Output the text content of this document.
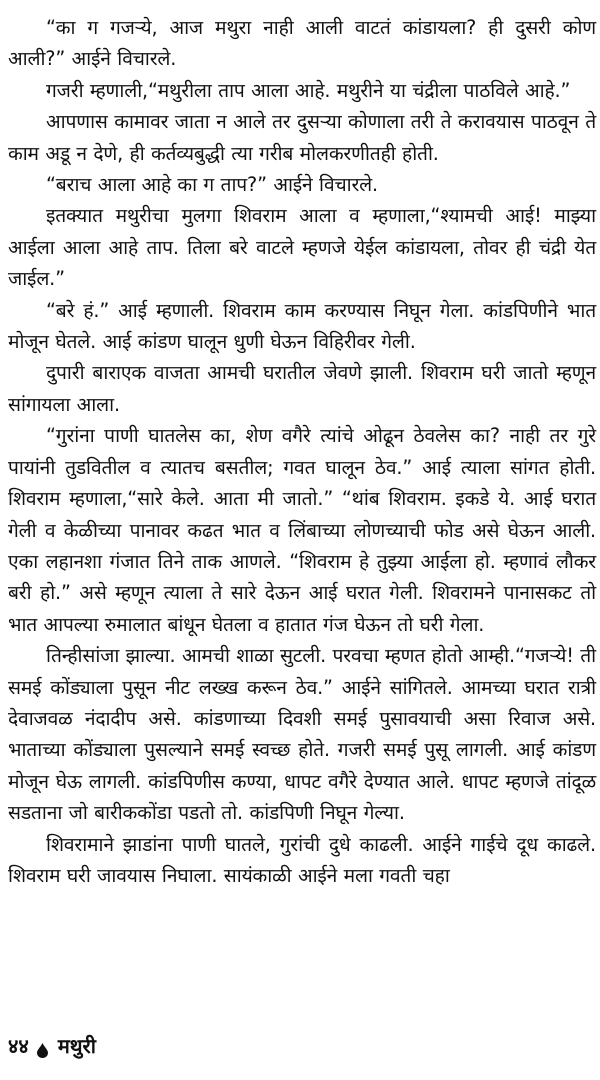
“का ग गजऱ्ये, आज मथुरा नाही आली वाटतं कांडायला? ही दुसरी कोण आली?” आईने विचारले.

गजरी म्हणाली,“मथुरीला ताप आला आहे. मथुरीने या चंद्रीला पाठविले आहे.”

आपणास कामावर जाता न आले तर दुसऱ्या कोणाला तरी ते करावयास पाठवून ते काम अडू न देणे, ही कर्तव्यबुद्धी त्या गरीब मोलकरणीतही होती.

“बराच आला आहे का ग ताप?” आईने विचारले.

इतक्यात मथुरीचा मुलगा शिवराम आला व म्हणाला,“श्यामची आई! माझ्या आईला आला आहे ताप. तिला बरे वाटले म्हणजे येईल कांडायला, तोवर ही चंद्री येत जाईल.”

“बरे हं.” आई म्हणाली. शिवराम काम करण्यास निघून गेला. कांडपिणीने भात मोजून घेतले. आई कांडण घालून धुणी घेऊन विहिरीवर गेली.

दुपारी बाराएक वाजता आमची घरातील जेवणे झाली. शिवराम घरी जातो म्हणून सांगायला आला.

“गुरांना पाणी घातलेस का, शेण वगैरे त्यांचे ओढून ठेवलेस का? नाही तर गुरे पायांनी तुडवितील व त्यातच बसतील; गवत घालून ठेव.” आई त्याला सांगत होती. शिवराम म्हणाला,“सारे केले. आता मी जातो.” “थांब शिवराम. इकडे ये. आई घरात गेली व केळीच्या पानावर कढत भात व लिंबाच्या लोणच्याची फोड असे घेऊन आली. एका लहानशा गंजात तिने ताक आणले. “शिवराम हे तुझ्या आईला हो. म्हणावं लौकर बरी हो.” असे म्हणून त्याला ते सारे देऊन आई घरात गेली. शिवरामने पानासकट तो भात आपल्या रुमालात बांधून घेतला व हातात गंज घेऊन तो घरी गेला.

तिन्हीसांजा झाल्या. आमची शाळा सुटली. परवचा म्हणत होतो आम्ही.“गजऱ्ये! ती समई कोंड्याला पुसून नीट लख्ख करून ठेव.” आईने सांगितले. आमच्या घरात रात्री देवाजवळ नंदादीप असे. कांडणाच्या दिवशी समई पुसावयाची असा रिवाज असे. भाताच्या कोंड्याला पुसल्याने समई स्वच्छ होते. गजरी समई पुसू लागली. आई कांडण मोजून घेऊ लागली. कांडपिणीस कण्या, धापट वगैरे देण्यात आले. धापट म्हणजे तांदूळ सडताना जो बारीककोंडा पडतो तो. कांडपिणी निघून गेल्या.

शिवरामाने झाडांना पाणी घातले, गुरांची दुधे काढली. आईने गाईचे दूध काढले. शिवराम घरी जावयास निघाला. सायंकाळी आईने मला गवती चहा

४४ मथुरी
